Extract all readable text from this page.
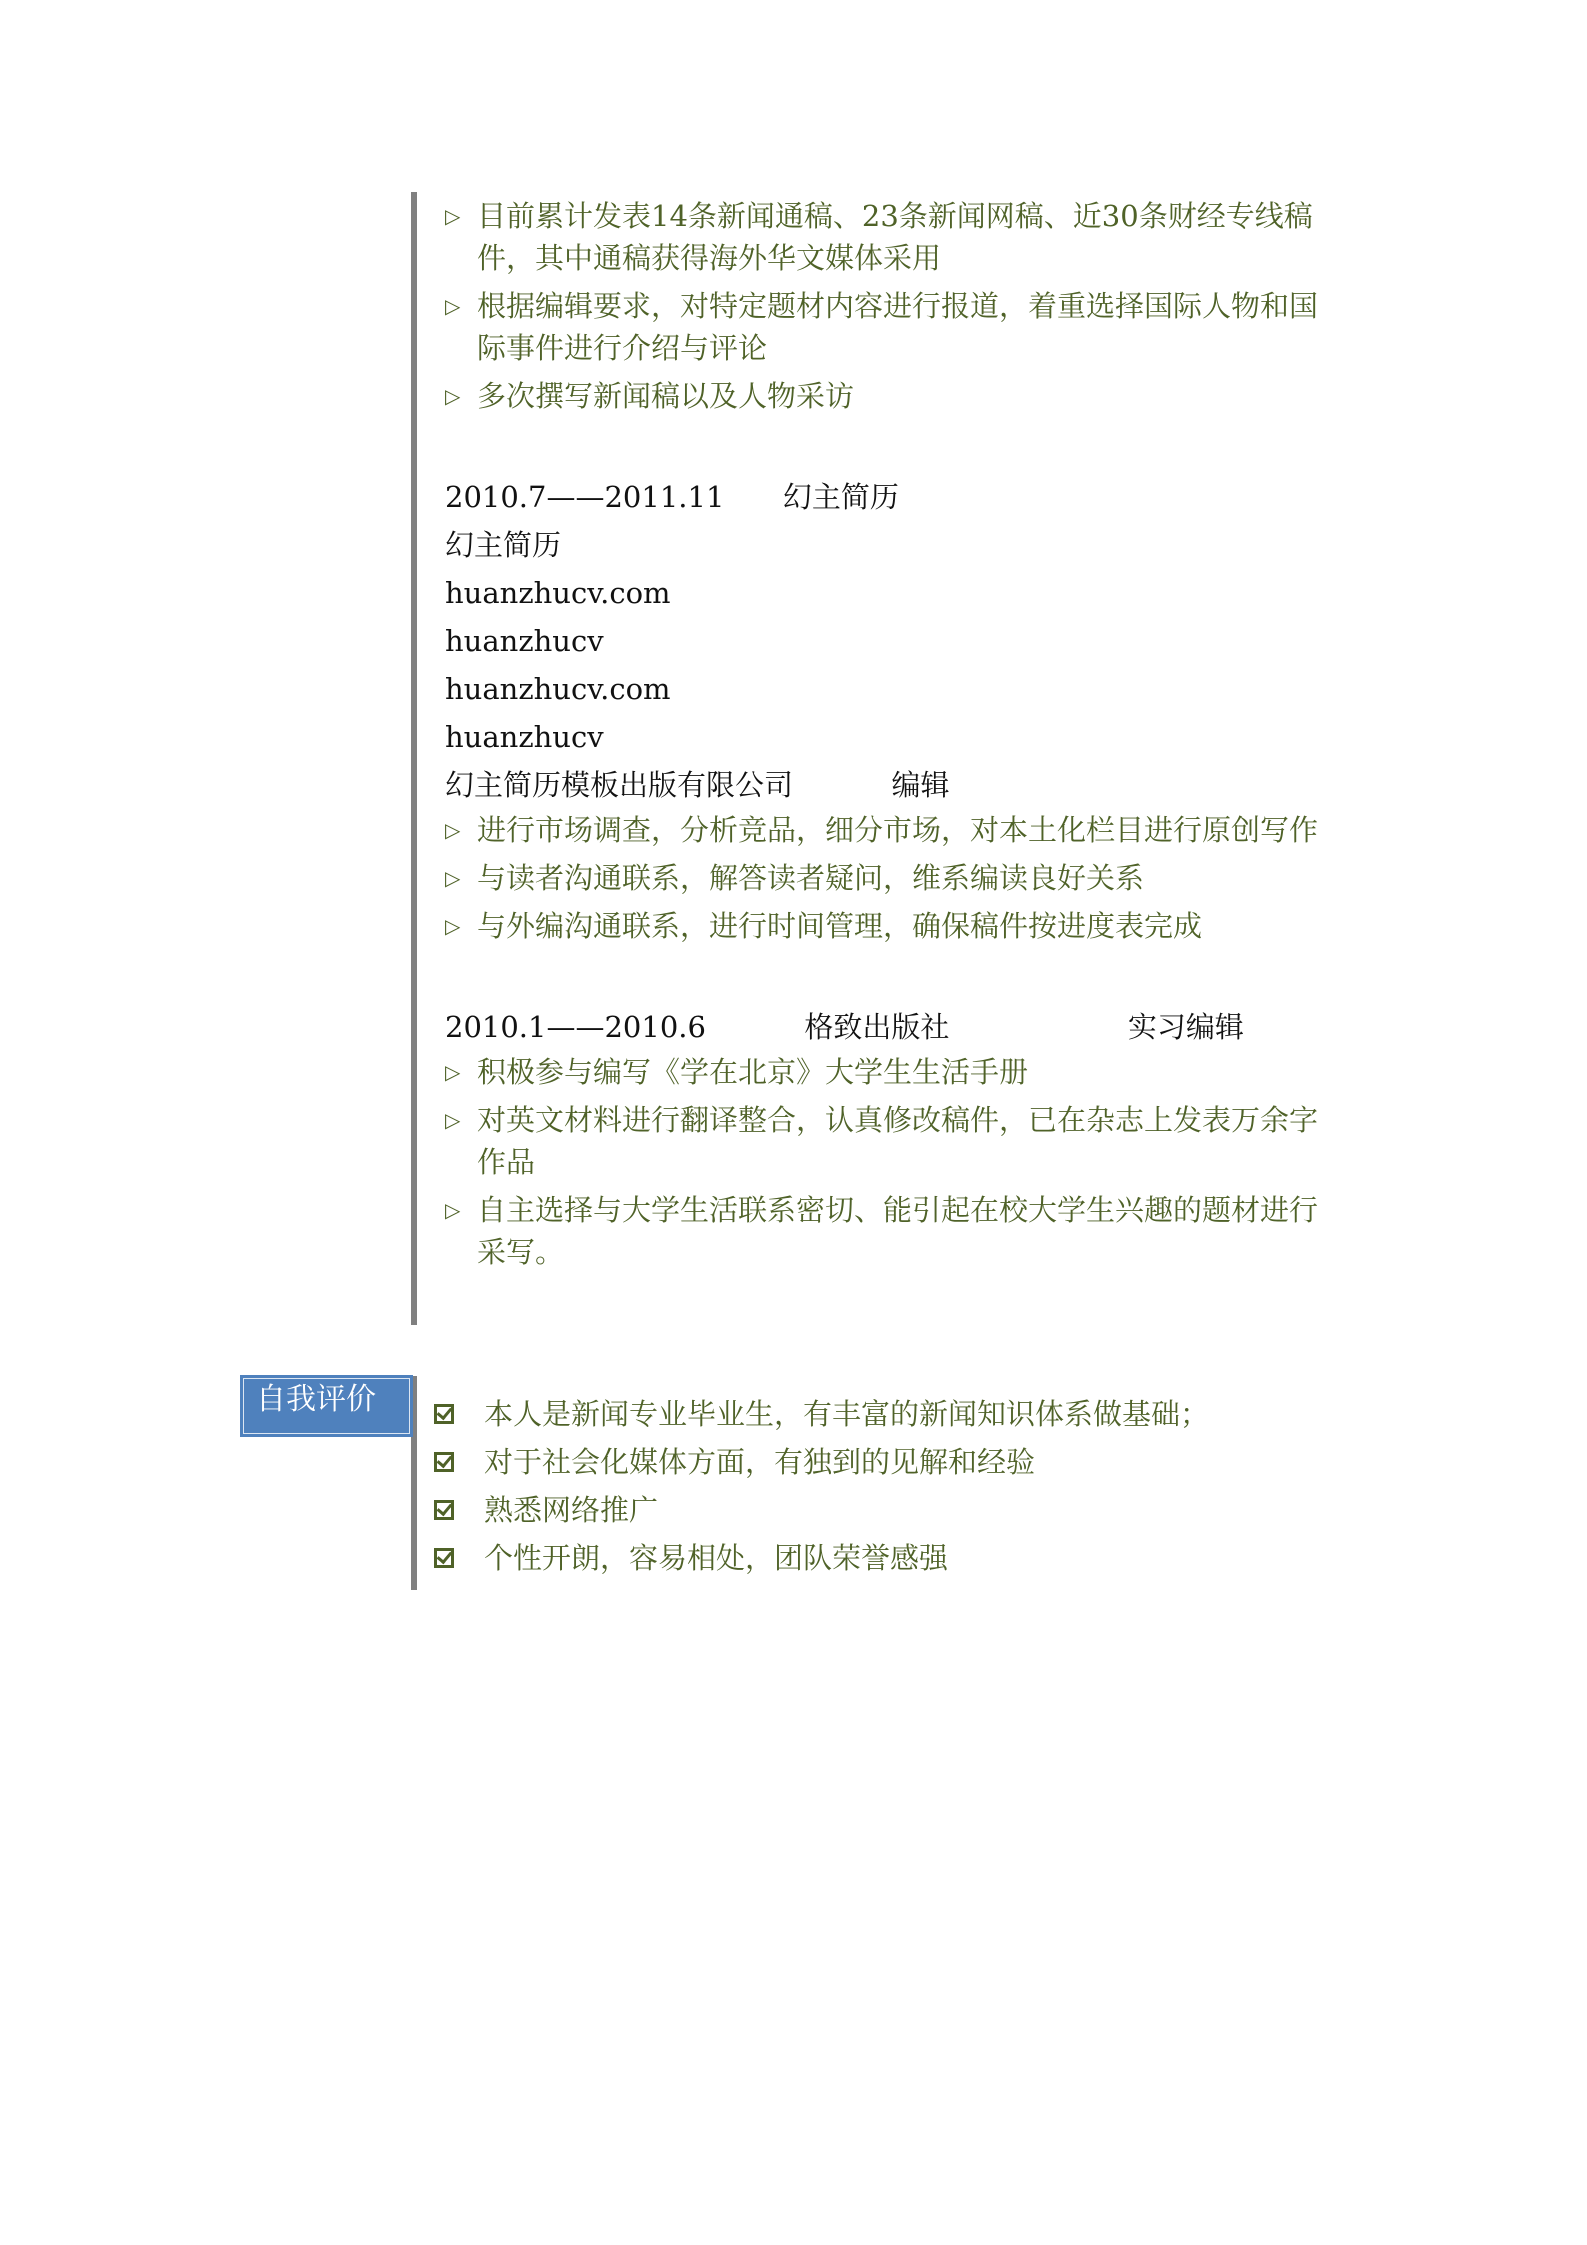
▷ 目前累计发表14条新闻通稿、23条新闻网稿、近30条财经专线稿件，其中通稿获得海外华文媒体采用
▷ 根据编辑要求，对特定题材内容进行报道，着重选择国际人物和国际事件进行介绍与评论
▷ 多次撰写新闻稿以及人物采访
2010.7——2011.11 幻主简历
幻主简历
huanzhucv.com
huanzhucv
huanzhucv.com
huanzhucv
幻主简历模板出版有限公司	编辑
▷ 进行市场调查，分析竞品，细分市场，对本土化栏目进行原创写作
▷ 与读者沟通联系，解答读者疑问，维系编读良好关系
▷ 与外编沟通联系，进行时间管理，确保稿件按进度表完成
2010.1——2010.6	格致出版社	实习编辑
▷ 积极参与编写《学在北京》大学生生活手册
▷ 对英文材料进行翻译整合，认真修改稿件，已在杂志上发表万余字作品
▷ 自主选择与大学生活联系密切、能引起在校大学生兴趣的题材进行采写。
自我评价	本人是新闻专业毕业生，有丰富的新闻知识体系做基础；
对于社会化媒体方面，有独到的见解和经验
熟悉网络推广
个性开朗，容易相处，团队荣誉感强
